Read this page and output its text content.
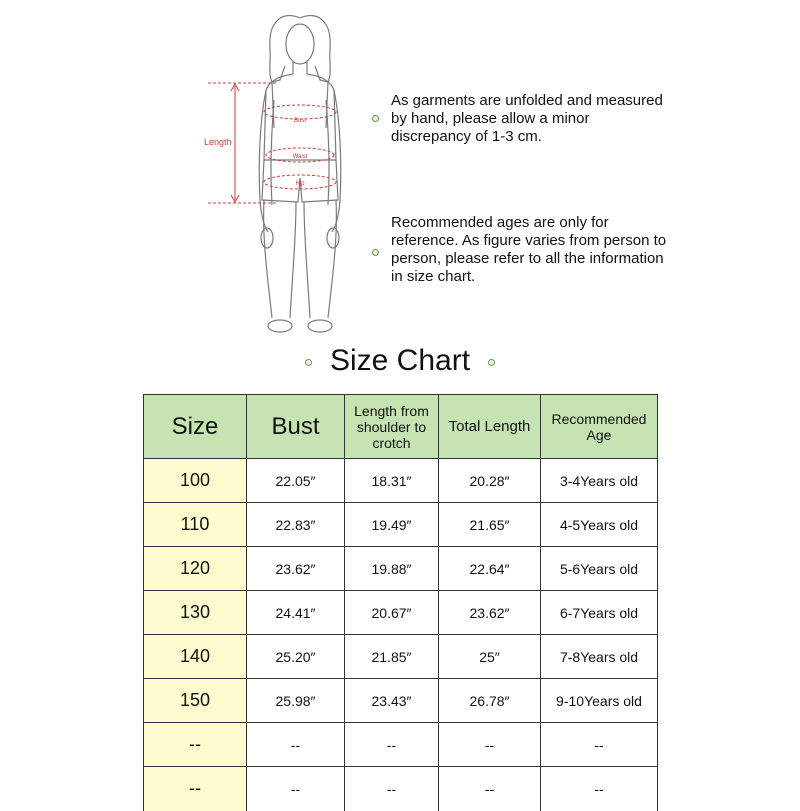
Length
Bust
Waist
Hip
As garments are unfolded and measured by hand, please allow a minor discrepancy of 1-3 cm.
Recommended ages are only for reference. As figure varies from person to person, please refer to all the information in size chart.
Size Chart
Size	Bust	Length from shoulder to crotch	Total Length	Recommended Age
100	22.05″	18.31″	20.28″	3-4Years old
110	22.83″	19.49″	21.65″	4-5Years old
120	23.62″	19.88″	22.64″	5-6Years old
130	24.41″	20.67″	23.62″	6-7Years old
140	25.20″	21.85″	25″	7-8Years old
150	25.98″	23.43″	26.78″	9-10Years old
--	--	--	--	--
--	--	--	--	--
